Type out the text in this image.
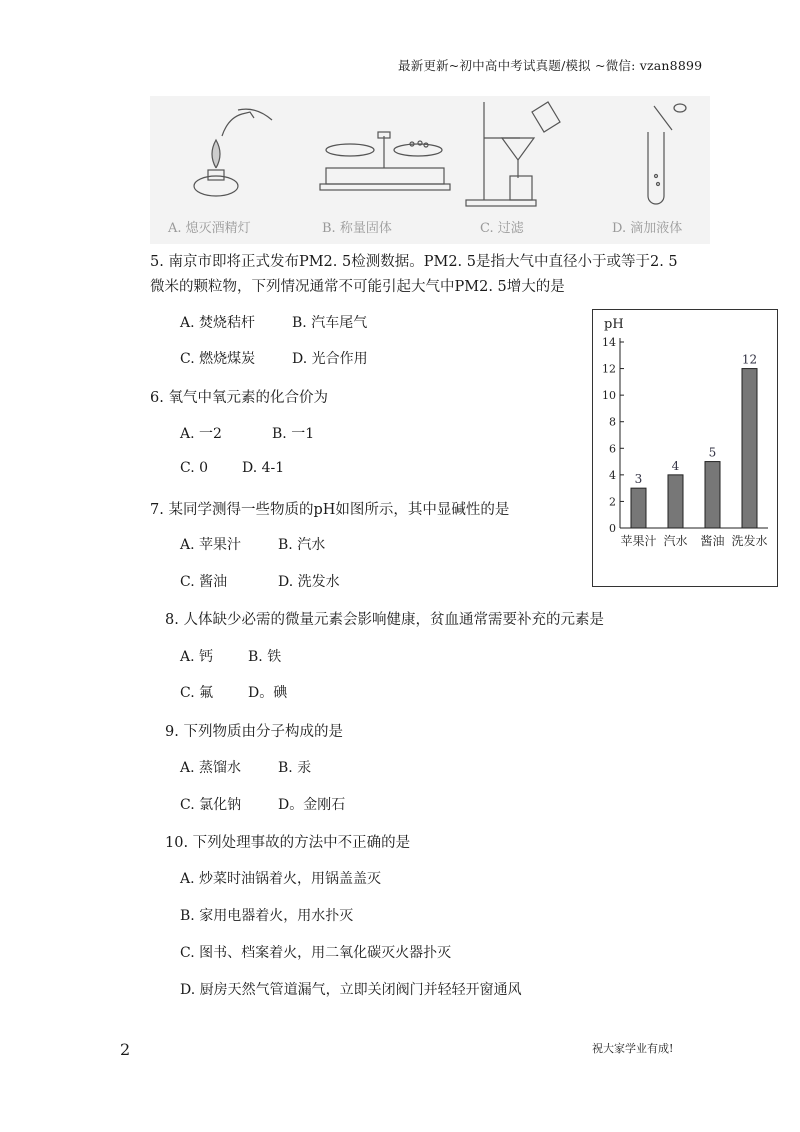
最新更新~初中高中考试真题/模拟 ~微信: vzan8899
A. 熄灭酒精灯	B. 称量固体	C. 过滤	D. 滴加液体
5. 南京市即将正式发布PM2. 5检测数据。PM2. 5是指大气中直径小于或等于2. 5
微米的颗粒物，下列情况通常不可能引起大气中PM2. 5增大的是
A. 焚烧秸杆	B. 汽车尾气
C. 燃烧煤炭	D. 光合作用
6. 氧气中氧元素的化合价为
A. 一2	B. 一1
C. 0 D. 4-1
7. 某同学测得一些物质的pH如图所示，其中显碱性的是
A. 苹果汁	B. 汽水
C. 酱油	D. 洗发水
pH
0
2
4
6
8
10
12
14
3
苹果汁
4
汽水
5
酱油
12
洗发水
8. 人体缺少必需的微量元素会影响健康，贫血通常需要补充的元素是
A. 钙 B. 铁
C. 氟 D。碘
9. 下列物质由分子构成的是
A. 蒸馏水	B. 汞
C. 氯化钠	D。金刚石
10. 下列处理事故的方法中不正确的是
A. 炒菜时油锅着火，用锅盖盖灭
B. 家用电器着火，用水扑灭
C. 图书、档案着火，用二氧化碳灭火器扑灭
D. 厨房天然气管道漏气，立即关闭阀门并轻轻开窗通风
2	祝大家学业有成!
